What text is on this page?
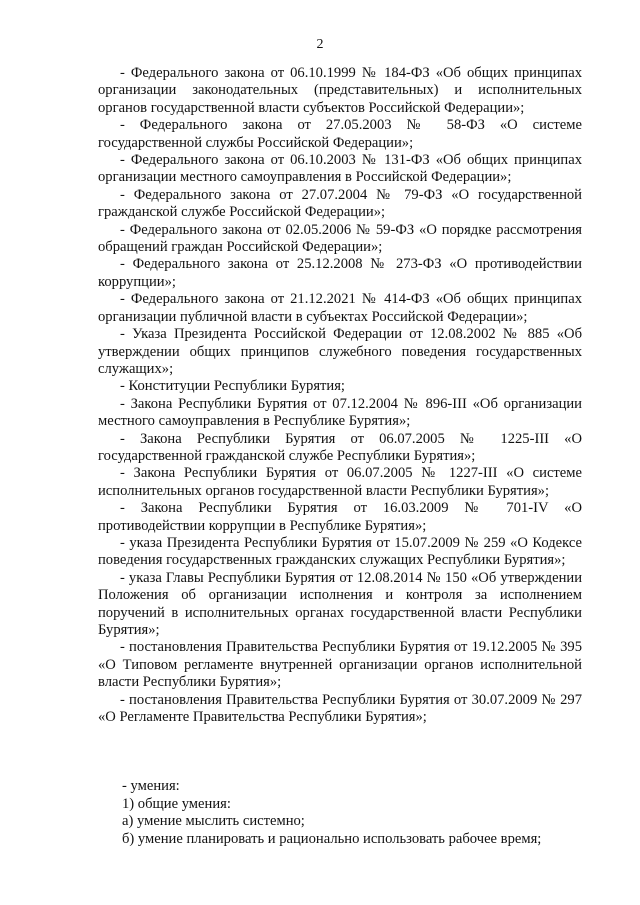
2

- Федерального закона от 06.10.1999 № 184-ФЗ «Об общих принципах организации законодательных (представительных) и исполнительных органов государственной власти субъектов Российской Федерации»;

- Федерального закона от 27.05.2003 № 58-ФЗ «О системе государственной службы Российской Федерации»;

- Федерального закона от 06.10.2003 № 131-ФЗ «Об общих принципах организации местного самоуправления в Российской Федерации»;

- Федерального закона от 27.07.2004 № 79-ФЗ «О государственной гражданской службе Российской Федерации»;

- Федерального закона от 02.05.2006 № 59-ФЗ «О порядке рассмотрения обращений граждан Российской Федерации»;

- Федерального закона от 25.12.2008 № 273-ФЗ «О противодействии коррупции»;

- Федерального закона от 21.12.2021 № 414-ФЗ «Об общих принципах организации публичной власти в субъектах Российской Федерации»;

- Указа Президента Российской Федерации от 12.08.2002 № 885 «Об утверждении общих принципов служебного поведения государственных служащих»;

- Конституции Республики Бурятия;

- Закона Республики Бурятия от 07.12.2004 № 896-III «Об организации местного самоуправления в Республике Бурятия»;

- Закона Республики Бурятия от 06.07.2005 № 1225-III «О государственной гражданской службе Республики Бурятия»;

- Закона Республики Бурятия от 06.07.2005 № 1227-III «О системе исполнительных органов государственной власти Республики Бурятия»;

- Закона Республики Бурятия от 16.03.2009 № 701-IV «О противодействии коррупции в Республике Бурятия»;

- указа Президента Республики Бурятия от 15.07.2009 № 259 «О Кодексе поведения государственных гражданских служащих Республики Бурятия»;

- указа Главы Республики Бурятия от 12.08.2014 № 150 «Об утверждении Положения об организации исполнения и контроля за исполнением поручений в исполнительных органах государственной власти Республики Бурятия»;

- постановления Правительства Республики Бурятия от 19.12.2005 № 395 «О Типовом регламенте внутренней организации органов исполнительной власти Республики Бурятия»;

- постановления Правительства Республики Бурятия от 30.07.2009 № 297 «О Регламенте Правительства Республики Бурятия»;

- умения:

1) общие умения:

а) умение мыслить системно;

б) умение планировать и рационально использовать рабочее время;
